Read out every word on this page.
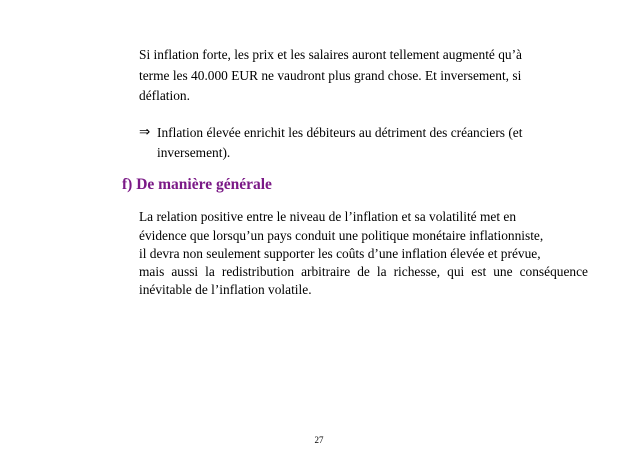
Si inflation forte, les prix et les salaires auront tellement augmenté qu’à
terme les 40.000 EUR ne vaudront plus grand chose. Et inversement, si
déflation.
⇒ Inflation élevée enrichit les débiteurs au détriment des créanciers (et
inversement).
f) De manière générale
La relation positive entre le niveau de l’inflation et sa volatilité met en
évidence que lorsqu’un pays conduit une politique monétaire inflationniste,
il devra non seulement supporter les coûts d’une inflation élevée et prévue,
mais aussi la redistribution arbitraire de la richesse, qui est une conséquence
inévitable de l’inflation volatile.
27
